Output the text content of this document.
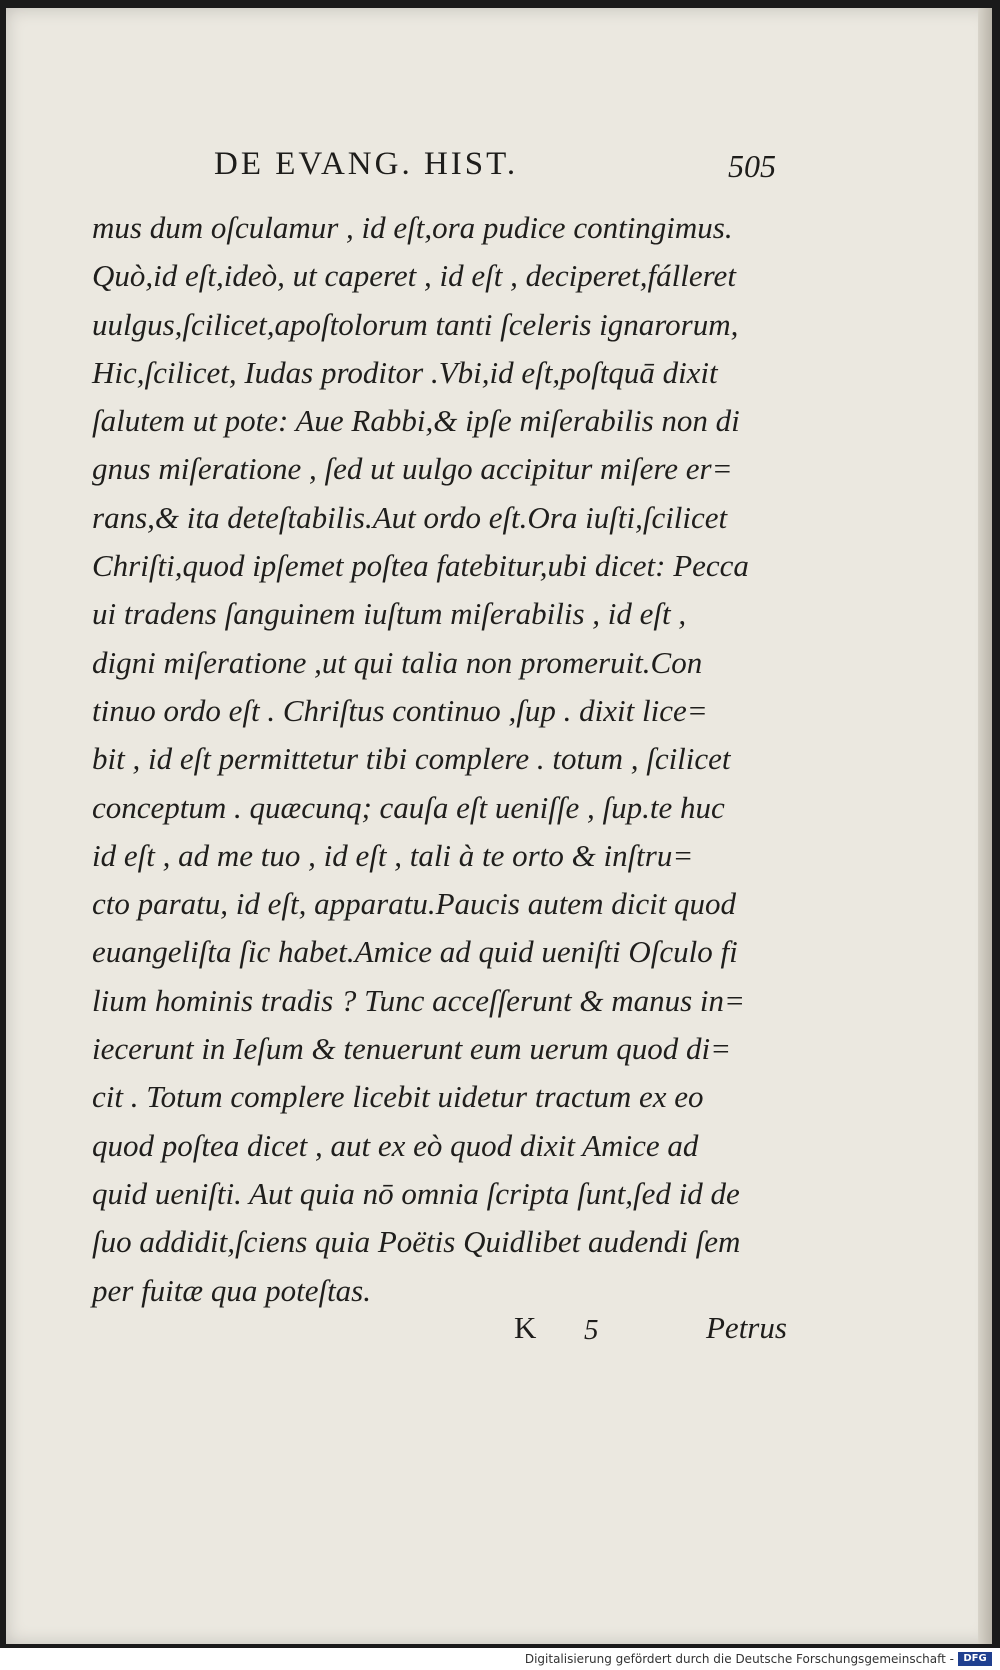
DE EVANG. HIST.	505
mus dum oſculamur , id eſt,ora pudice contingimus.
Quò,id eſt,ideò, ut caperet , id eſt , deciperet,fálleret
uulgus,ſcilicet,apoſtolorum tanti ſceleris ignarorum,
Hic,ſcilicet, Iudas proditor .Vbi,id eſt,poſtquā dixit
ſalutem ut pote: Aue Rabbi,& ipſe miſerabilis non di
gnus miſeratione , ſed ut uulgo accipitur miſere er=
rans,& ita deteſtabilis.Aut ordo eſt.Ora iuſti,ſcilicet
Chriſti,quod ipſemet poſtea fatebitur,ubi dicet: Pecca
ui tradens ſanguinem iuſtum miſerabilis , id eſt ,
digni miſeratione ,ut qui talia non promeruit.Con
tinuo ordo eſt . Chriſtus continuo ,ſup . dixit lice=
bit , id eſt permittetur tibi complere . totum , ſcilicet
conceptum . quæcunq; cauſa eſt ueniſſe , ſup.te huc
id eſt , ad me tuo , id eſt , tali à te orto & inſtru=
cto paratu, id eſt, apparatu.Paucis autem dicit quod
euangeliſta ſic habet.Amice ad quid ueniſti Oſculo fi
lium hominis tradis ? Tunc acceſſerunt & manus in=
iecerunt in Ieſum & tenuerunt eum uerum quod di=
cit . Totum complere licebit uidetur tractum ex eo
quod poſtea dicet , aut ex eò quod dixit Amice ad
quid ueniſti. Aut quia nō omnia ſcripta ſunt,ſed id de
ſuo addidit,ſciens quia Poëtis Quidlibet audendi ſem
per fuitæ qua poteſtas.
K 5	Petrus
Digitalisierung gefördert durch die Deutsche Forschungsgemeinschaft - DFG
